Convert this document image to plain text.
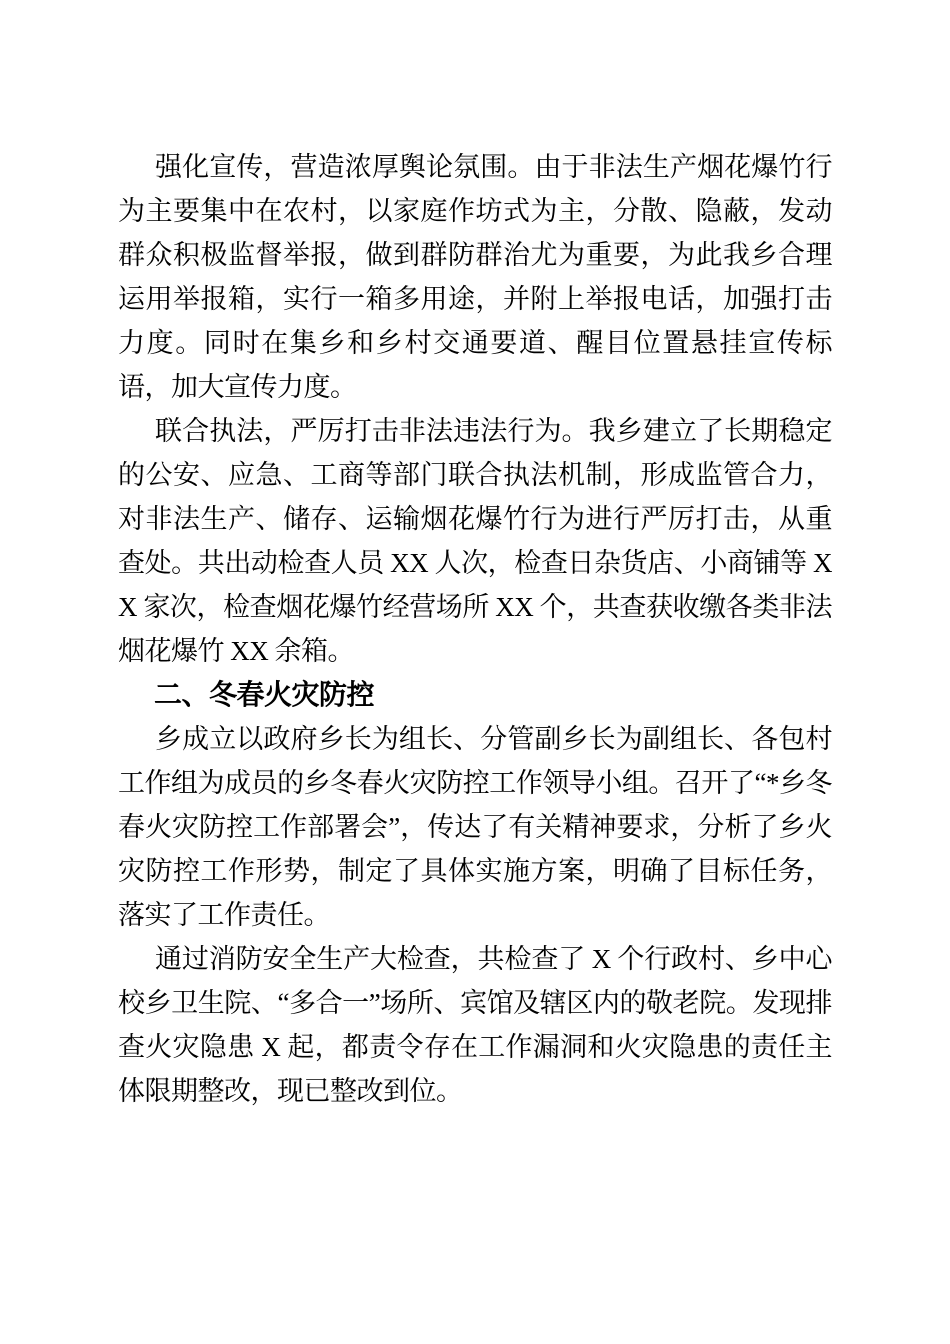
强化宣传，营造浓厚舆论氛围。由于非法生产烟花爆竹行为主要集中在农村，以家庭作坊式为主，分散、隐蔽，发动群众积极监督举报，做到群防群治尤为重要，为此我乡合理运用举报箱，实行一箱多用途，并附上举报电话，加强打击力度。同时在集乡和乡村交通要道、醒目位置悬挂宣传标语，加大宣传力度。

联合执法，严厉打击非法违法行为。我乡建立了长期稳定的公安、应急、工商等部门联合执法机制，形成监管合力，对非法生产、储存、运输烟花爆竹行为进行严厉打击，从重查处。共出动检查人员 XX 人次，检查日杂货店、小商铺等 XX 家次，检查烟花爆竹经营场所 XX 个，共查获收缴各类非法烟花爆竹 XX 余箱。

二、冬春火灾防控

乡成立以政府乡长为组长、分管副乡长为副组长、各包村工作组为成员的乡冬春火灾防控工作领导小组。召开了“*乡冬春火灾防控工作部署会”，传达了有关精神要求，分析了乡火灾防控工作形势，制定了具体实施方案，明确了目标任务，落实了工作责任。

通过消防安全生产大检查，共检查了 X 个行政村、乡中心校乡卫生院、“多合一”场所、宾馆及辖区内的敬老院。发现排查火灾隐患 X 起，都责令存在工作漏洞和火灾隐患的责任主体限期整改，现已整改到位。
